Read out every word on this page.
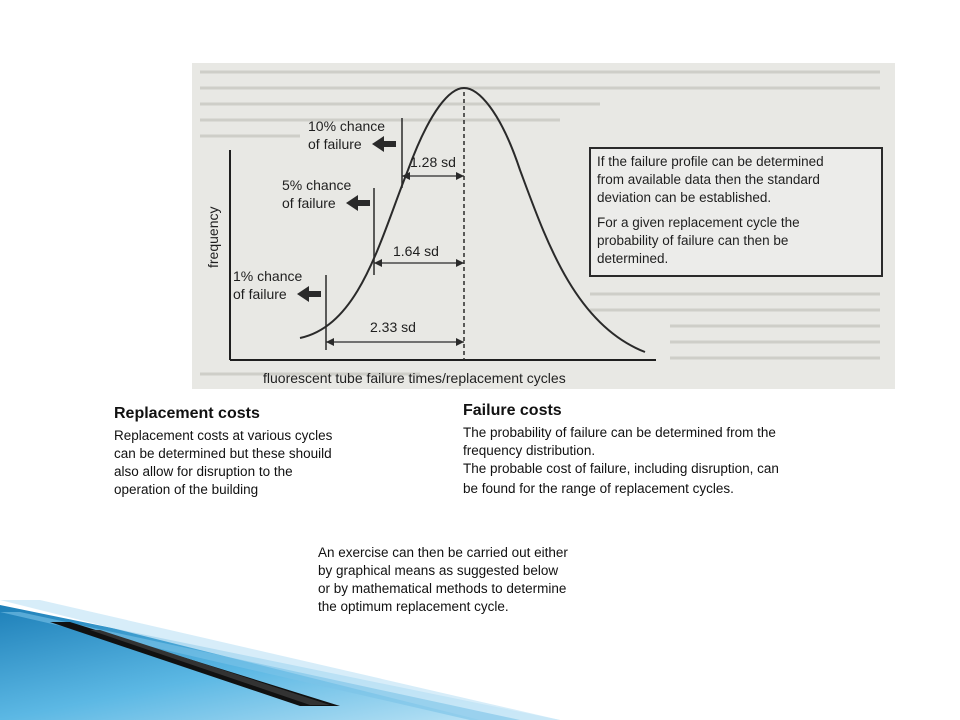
1.28 sd
1.64 sd
2.33 sd
10% chance
of failure
5% chance
of failure
1% chance
of failure
frequency
fluorescent tube failure times/replacement cycles
If the failure profile can be determined
from available data then the standard
deviation can be established.
For a given replacement cycle the
probability of failure can then be
determined.
Replacement costs
Replacement costs at various cycles
can be determined but these shouild
also allow for disruption to the
operation of the building
Failure costs
The probability of failure can be determined from the
frequency distribution.
The probable cost of failure, including disruption, can
be found for the range of replacement cycles.
An exercise can then be carried out either
by graphical means as suggested below
or by mathematical methods to determine
the optimum replacement cycle.
